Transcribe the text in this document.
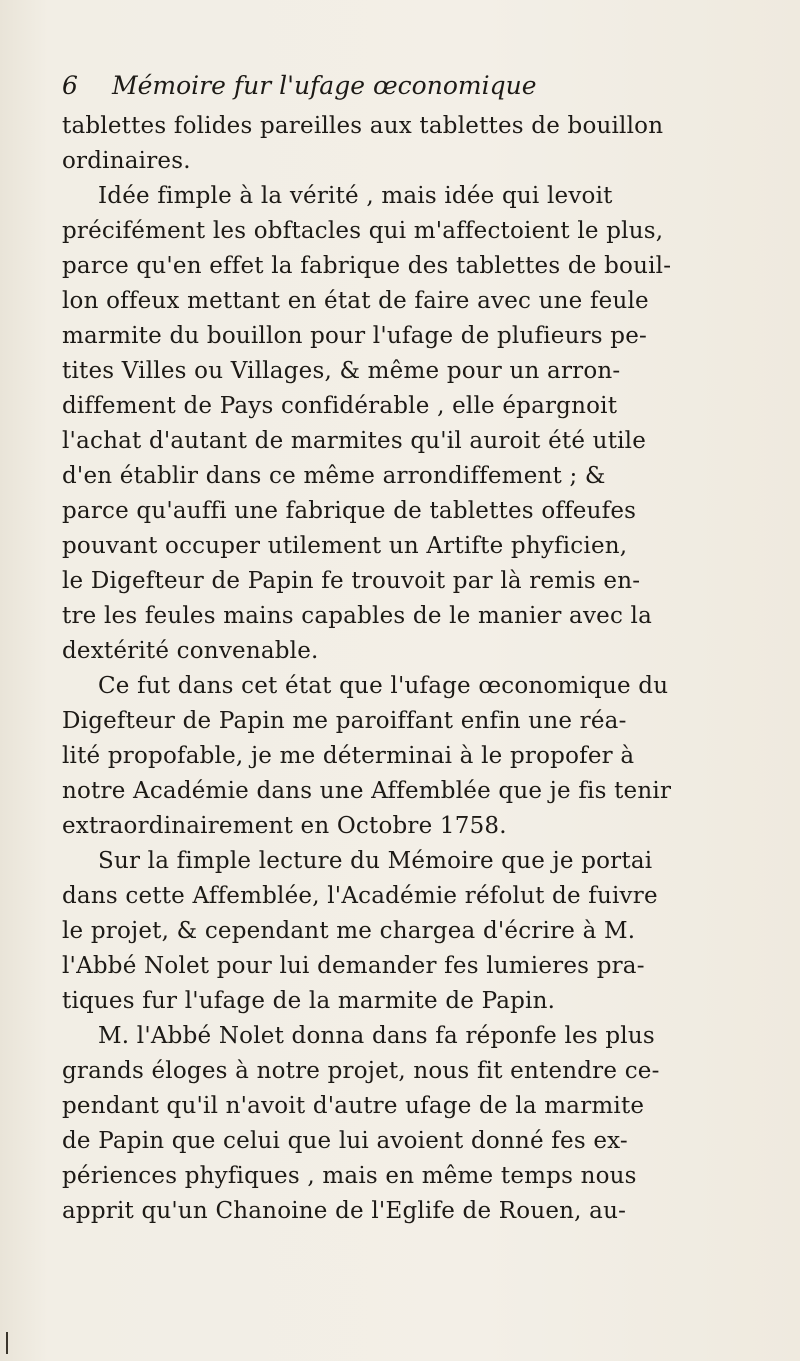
6 Mémoire fur l'ufage œconomique
tablettes folides pareilles aux tablettes de bouillon
ordinaires.
Idée fimple à la vérité , mais idée qui levoit
précifément les obftacles qui m'affectoient le plus,
parce qu'en effet la fabrique des tablettes de bouil-
lon offeux mettant en état de faire avec une feule
marmite du bouillon pour l'ufage de plufieurs pe-
tites Villes ou Villages, & même pour un arron-
diffement de Pays confidérable , elle épargnoit
l'achat d'autant de marmites qu'il auroit été utile
d'en établir dans ce même arrondiffement ; &
parce qu'auffi une fabrique de tablettes offeufes
pouvant occuper utilement un Artifte phyficien,
le Digefteur de Papin fe trouvoit par là remis en-
tre les feules mains capables de le manier avec la
dextérité convenable.
Ce fut dans cet état que l'ufage œconomique du
Digefteur de Papin me paroiffant enfin une réa-
lité propofable, je me déterminai à le propofer à
notre Académie dans une Affemblée que je fis tenir
extraordinairement en Octobre 1758.
Sur la fimple lecture du Mémoire que je portai
dans cette Affemblée, l'Académie réfolut de fuivre
le projet, & cependant me chargea d'écrire à M.
l'Abbé Nolet pour lui demander fes lumieres pra-
tiques fur l'ufage de la marmite de Papin.
M. l'Abbé Nolet donna dans fa réponfe les plus
grands éloges à notre projet, nous fit entendre ce-
pendant qu'il n'avoit d'autre ufage de la marmite
de Papin que celui que lui avoient donné fes ex-
périences phyfiques , mais en même temps nous
apprit qu'un Chanoine de l'Eglife de Rouen, au-
